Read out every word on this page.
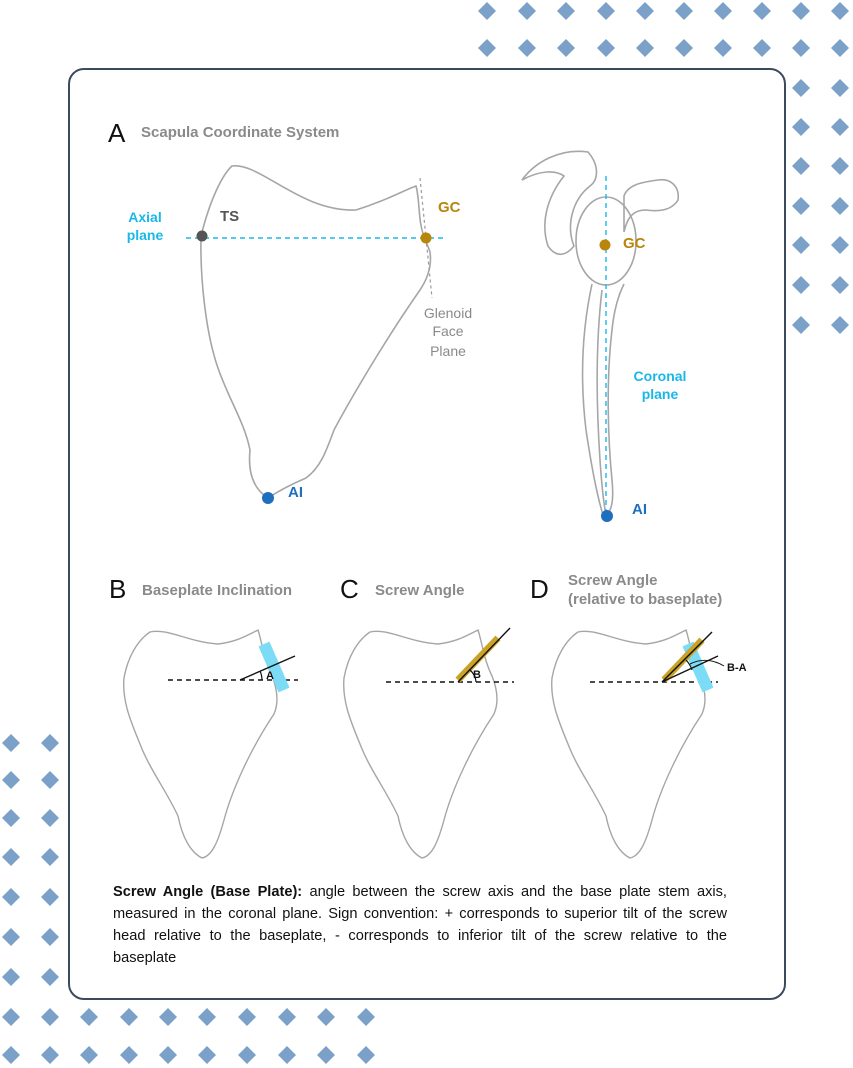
A Scapula Coordinate System
Axial
plane
TS
GC
Glenoid
Face
Plane
AI
GC
Coronal
plane
AI
B Baseplate Inclination
A
C Screw Angle
B
D Screw Angle
(relative to baseplate)
B-A
Screw Angle (Base Plate): angle between the screw axis and the base plate stem axis, measured in the coronal plane. Sign convention: + corresponds to superior tilt of the screw head relative to the baseplate, - corresponds to inferior tilt of the screw relative to the baseplate
